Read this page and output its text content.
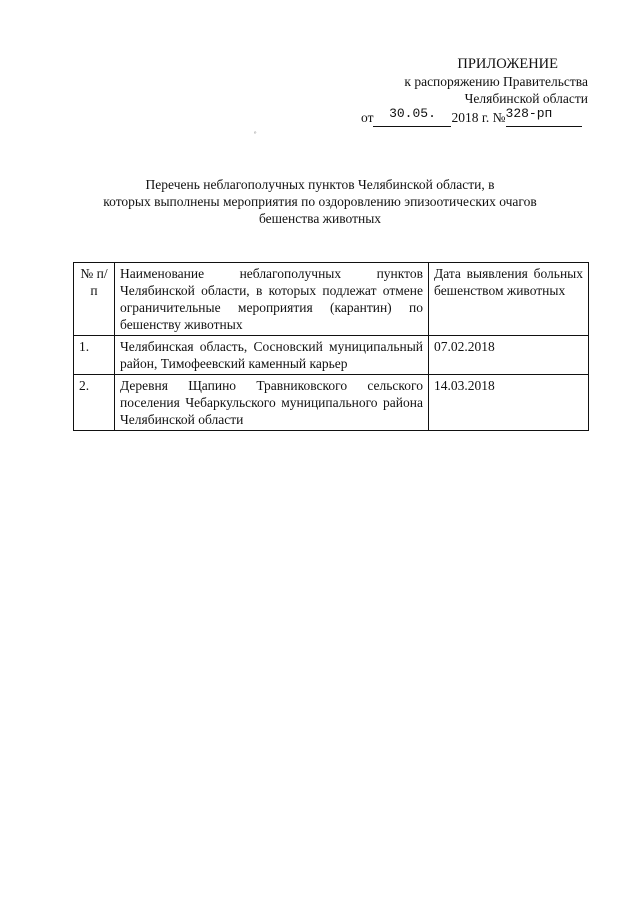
ПРИЛОЖЕНИЕ
к распоряжению Правительства
Челябинской области
от 30.05. 2018 г. №328-рп
ₒ
Перечень неблагополучных пунктов Челябинской области, в
которых выполнены мероприятия по оздоровлению эпизоотических очагов
бешенства животных
№ п/п	Наименование неблагополучных пунктов Челябинской области, в которых подлежат отмене ограничительные мероприятия (карантин) по бешенству животных	Дата выявления больных бешенством животных
1.	Челябинская область, Сосновский муниципальный район, Тимофеевский каменный карьер	07.02.2018
2.	Деревня Щапино Травниковского сельского поселения Чебаркульского муниципального района Челябинской области	14.03.2018
